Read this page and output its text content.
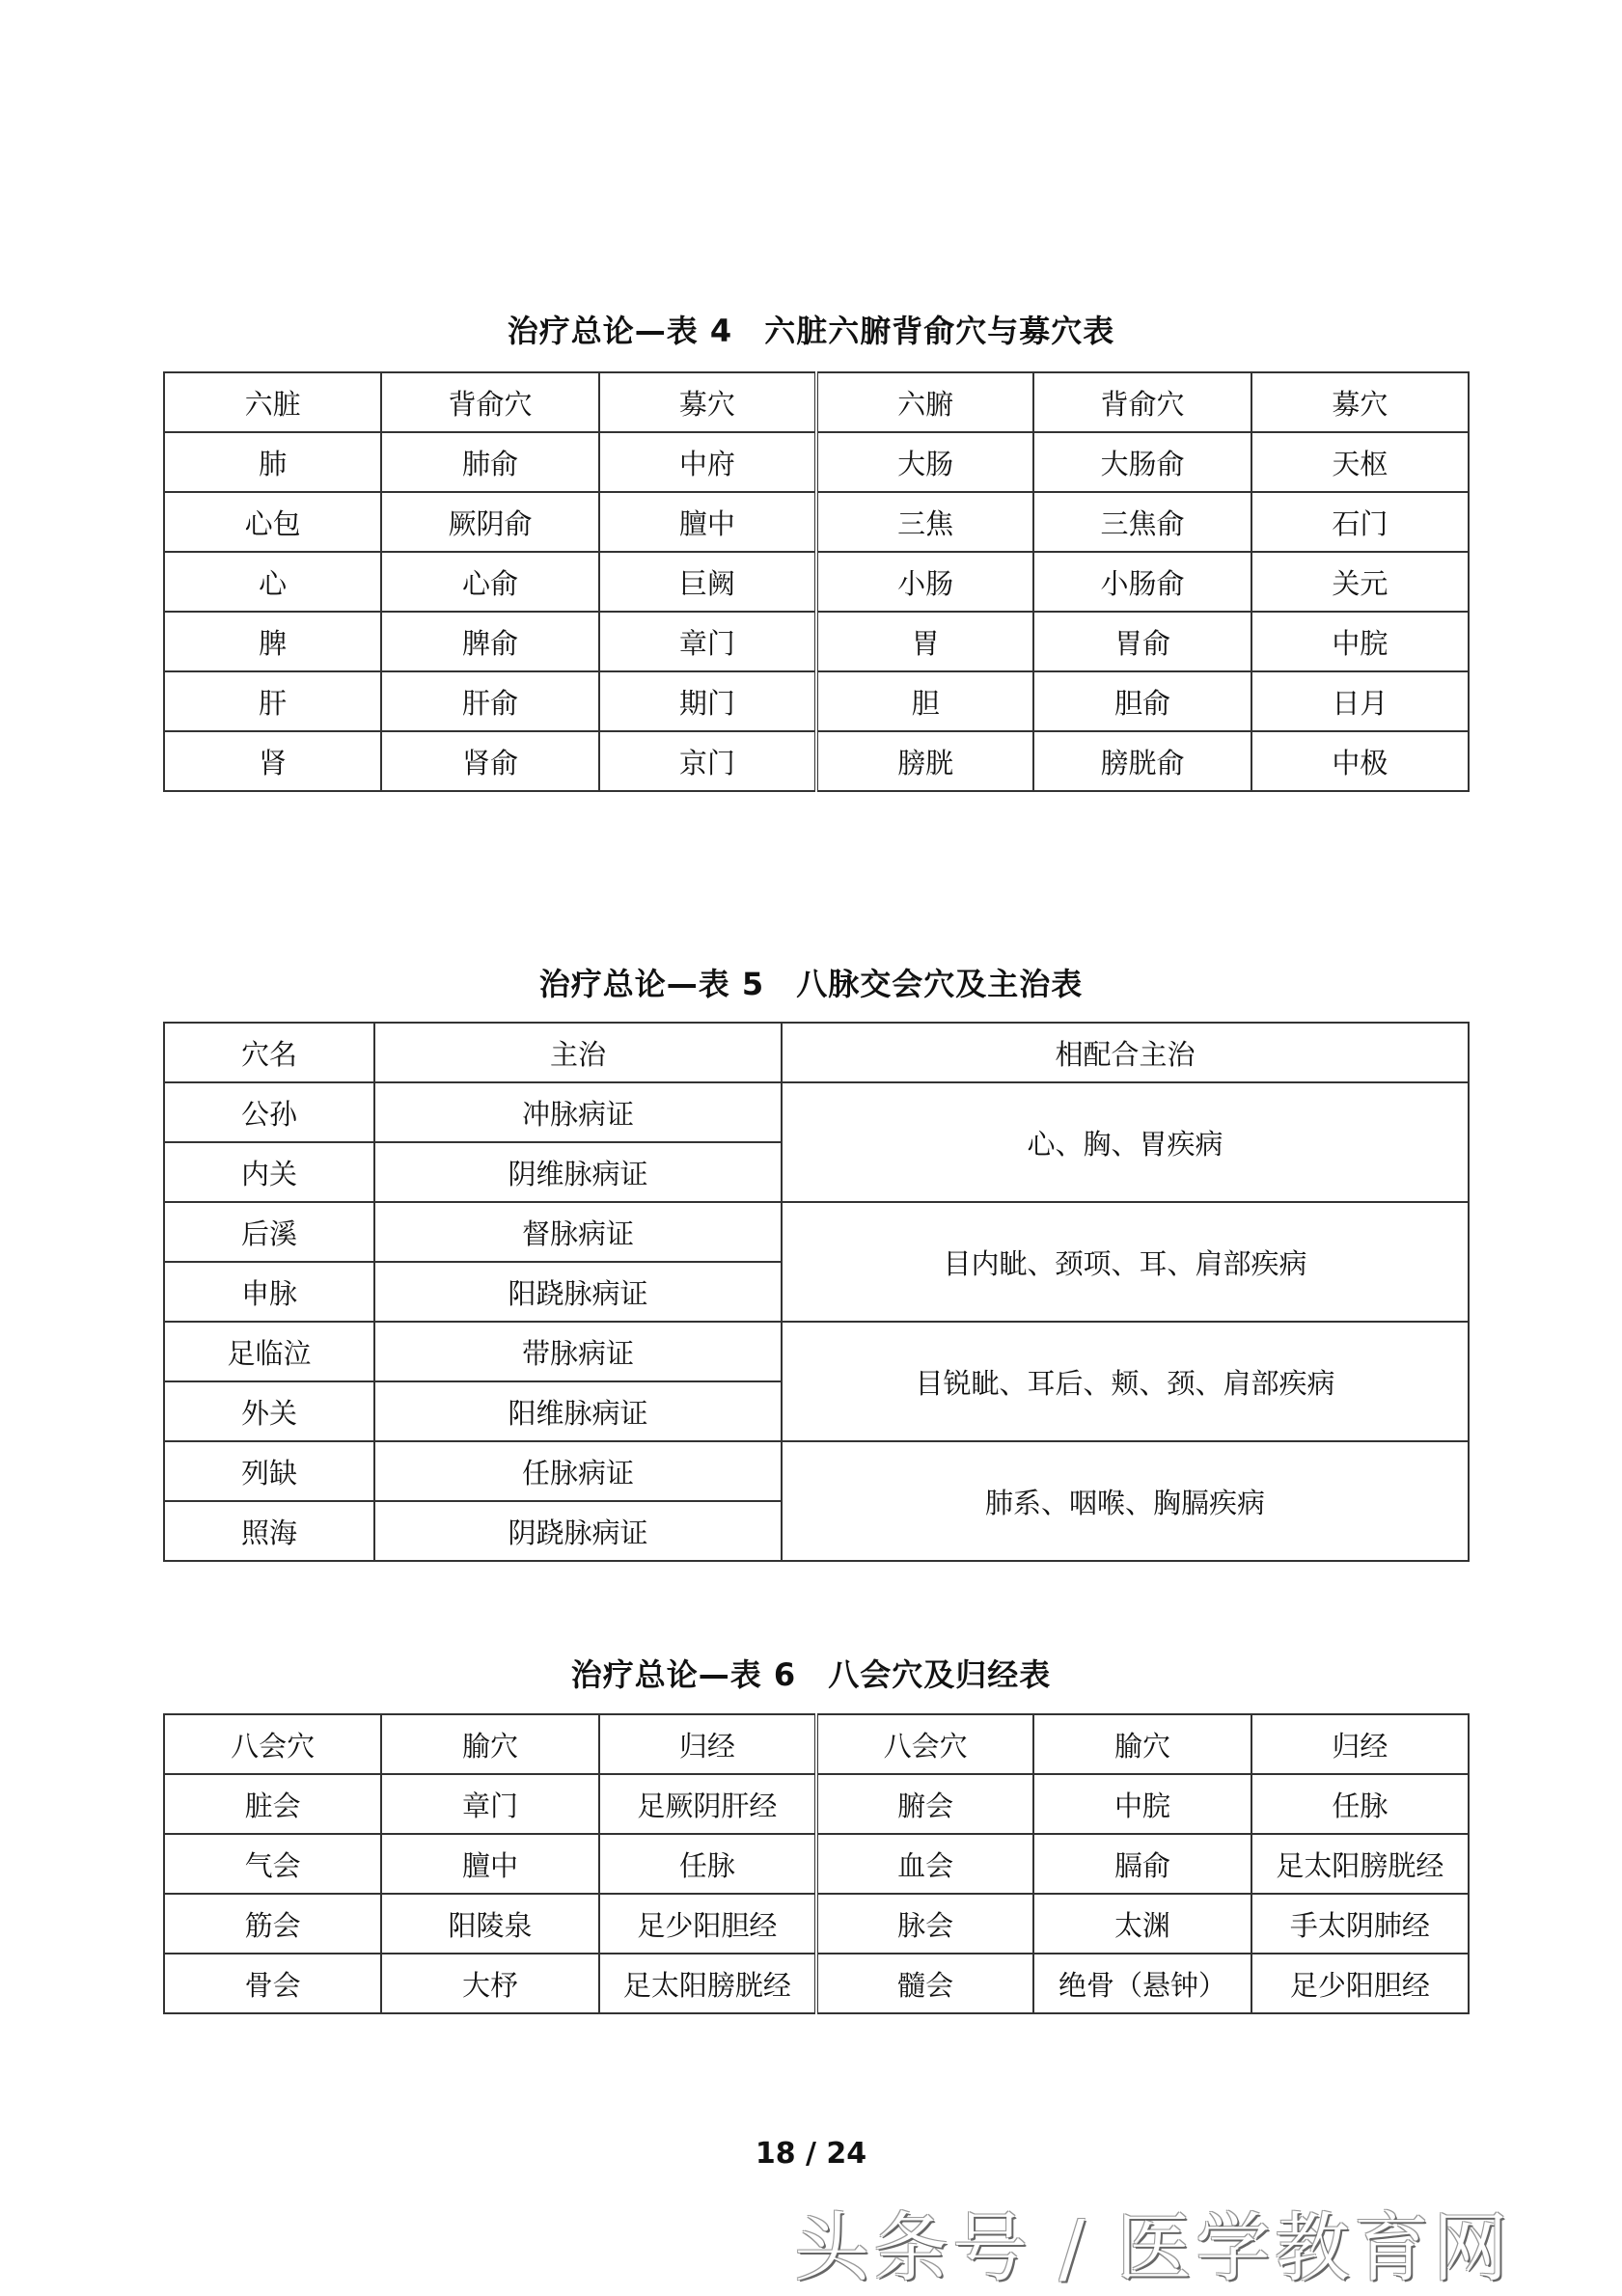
治疗总论—表 4　六脏六腑背俞穴与募穴表
六脏	背俞穴	募穴	六腑	背俞穴	募穴
肺	肺俞	中府	大肠	大肠俞	天枢
心包	厥阴俞	膻中	三焦	三焦俞	石门
心	心俞	巨阙	小肠	小肠俞	关元
脾	脾俞	章门	胃	胃俞	中脘
肝	肝俞	期门	胆	胆俞	日月
肾	肾俞	京门	膀胱	膀胱俞	中极
治疗总论—表 5　八脉交会穴及主治表
穴名	主治	相配合主治
公孙	冲脉病证	心、胸、胃疾病
内关	阴维脉病证	
后溪	督脉病证	目内眦、颈项、耳、肩部疾病
申脉	阳跷脉病证	
足临泣	带脉病证	目锐眦、耳后、颊、颈、肩部疾病
外关	阳维脉病证	
列缺	任脉病证	肺系、咽喉、胸膈疾病
照海	阴跷脉病证	
治疗总论—表 6　八会穴及归经表
八会穴	腧穴	归经	八会穴	腧穴	归经
脏会	章门	足厥阴肝经	腑会	中脘	任脉
气会	膻中	任脉	血会	膈俞	足太阳膀胱经
筋会	阳陵泉	足少阳胆经	脉会	太渊	手太阴肺经
骨会	大杼	足太阳膀胱经	髓会	绝骨（悬钟）	足少阳胆经
18 / 24
头条号 / 医学教育网
